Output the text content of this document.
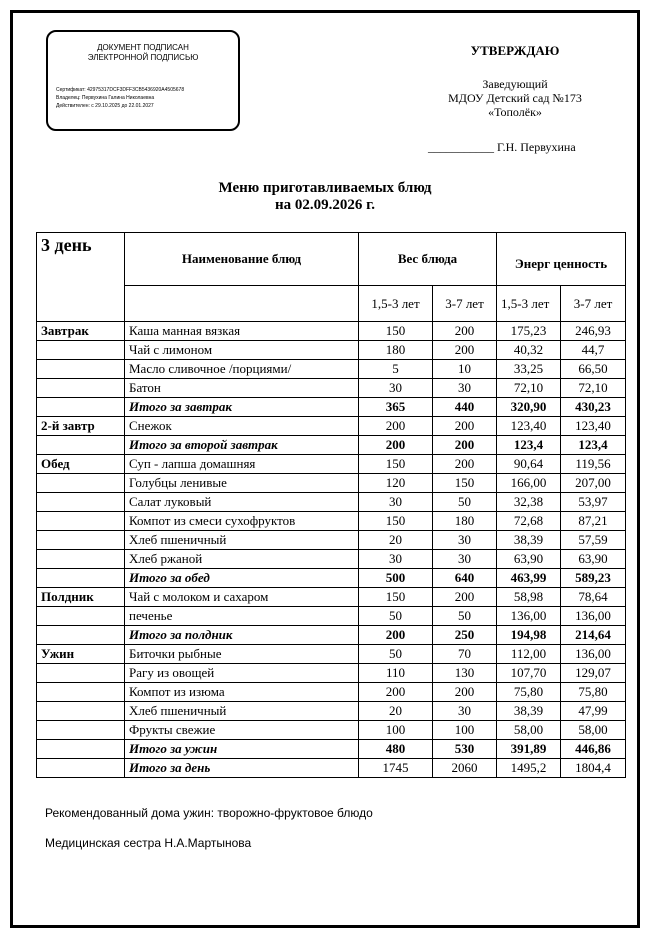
ДОКУМЕНТ ПОДПИСАН
ЭЛЕКТРОННОЙ ПОДПИСЬЮ
Сертификат: 42975317DCF3DFF3CB5436920A4505678
Владелец: Первухина Галина Николаевна
Действителен: с 29.10.2025 до 22.01.2027
УТВЕРЖДАЮ
Заведующий
МДОУ Детский сад №173
«Тополёк»
___________ Г.Н. Первухина
Меню приготавливаемых блюд
на 02.09.2026 г.
3 день	Наименование блюд	Вес блюда		Энерг ценность	
		1,5-3 лет	3-7 лет	1,5-3 лет	3-7 лет
Завтрак	Каша манная вязкая	150	200	175,23	246,93
	Чай с лимоном	180	200	40,32	44,7
	Масло сливочное /порциями/	5	10	33,25	66,50
	Батон	30	30	72,10	72,10
	Итого за завтрак	365	440	320,90	430,23
2-й завтр	Снежок	200	200	123,40	123,40
	Итого за второй завтрак	200	200	123,4	123,4
Обед	Суп - лапша домашняя	150	200	90,64	119,56
	Голубцы ленивые	120	150	166,00	207,00
	Салат луковый	30	50	32,38	53,97
	Компот из смеси сухофруктов	150	180	72,68	87,21
	Хлеб пшеничный	20	30	38,39	57,59
	Хлеб ржаной	30	30	63,90	63,90
	Итого за обед	500	640	463,99	589,23
Полдник	Чай с молоком и сахаром	150	200	58,98	78,64
	печенье	50	50	136,00	136,00
	Итого за полдник	200	250	194,98	214,64
Ужин	Биточки рыбные	50	70	112,00	136,00
	Рагу из овощей	110	130	107,70	129,07
	Компот из изюма	200	200	75,80	75,80
	Хлеб пшеничный	20	30	38,39	47,99
	Фрукты свежие	100	100	58,00	58,00
	Итого за ужин	480	530	391,89	446,86
	Итого за день	1745	2060	1495,2	1804,4
Рекомендованный дома ужин: творожно-фруктовое блюдо
Медицинская сестра Н.А.Мартынова
